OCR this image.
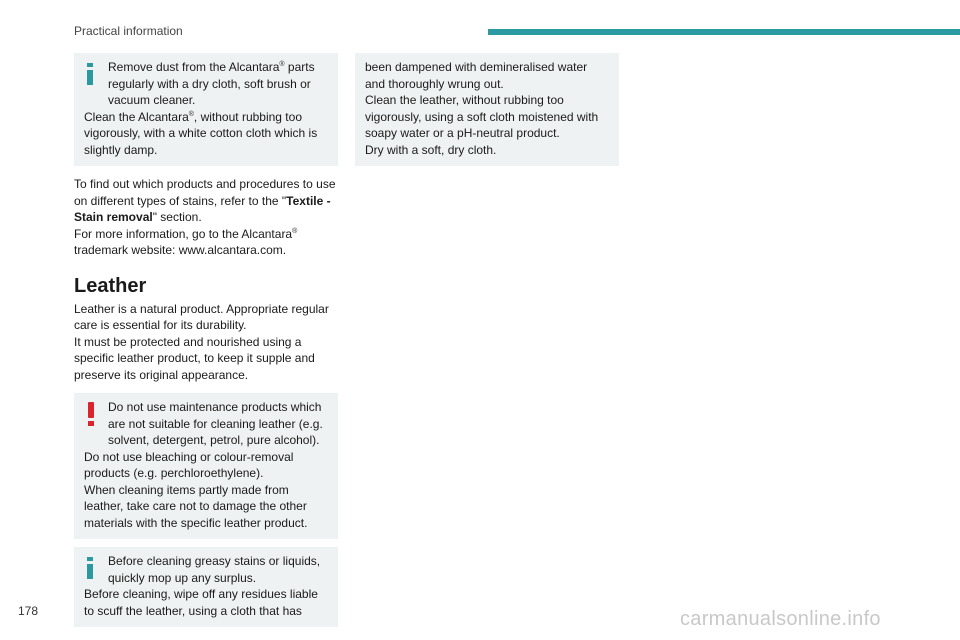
Practical information

Remove dust from the Alcantara® parts regularly with a dry cloth, soft brush or vacuum cleaner.

Clean the Alcantara®, without rubbing too vigorously, with a white cotton cloth which is slightly damp.

To find out which products and procedures to use on different types of stains, refer to the "Textile - Stain removal" section.
For more information, go to the Alcantara® trademark website: www.alcantara.com.

Leather

Leather is a natural product. Appropriate regular care is essential for its durability.

It must be protected and nourished using a specific leather product, to keep it supple and preserve its original appearance.

Do not use maintenance products which are not suitable for cleaning leather (e.g. solvent, detergent, petrol, pure alcohol).

Do not use bleaching or colour-removal products (e.g. perchloroethylene).

When cleaning items partly made from leather, take care not to damage the other materials with the specific leather product.

Before cleaning greasy stains or liquids, quickly mop up any surplus.

Before cleaning, wipe off any residues liable to scuff the leather, using a cloth that has

been dampened with demineralised water and thoroughly wrung out.

Clean the leather, without rubbing too vigorously, using a soft cloth moistened with soapy water or a pH-neutral product.

Dry with a soft, dry cloth.

178	carmanualsonline.info
